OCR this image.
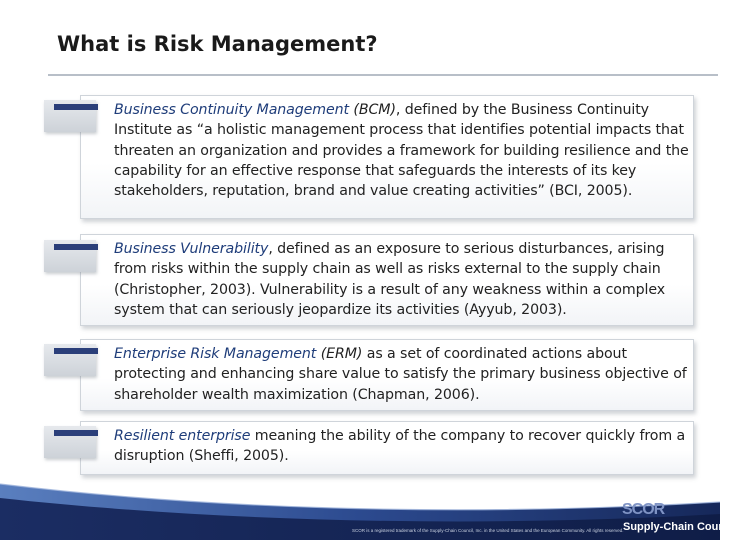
What is Risk Management?
Business Continuity Management (BCM), defined by the Business Continuity Institute as “a holistic management process that identifies potential impacts that threaten an organization and provides a framework for building resilience and the capability for an effective response that safeguards the interests of its key stakeholders, reputation, brand and value creating activities” (BCI, 2005).
Business Vulnerability, defined as an exposure to serious disturbances, arising from risks within the supply chain as well as risks external to the supply chain (Christopher, 2003). Vulnerability is a result of any weakness within a complex system that can seriously jeopardize its activities (Ayyub, 2003).
Enterprise Risk Management (ERM) as a set of coordinated actions about protecting and enhancing share value to satisfy the primary business objective of shareholder wealth maximization (Chapman, 2006).
Resilient enterprise meaning the ability of the company to recover quickly from a disruption (Sheffi, 2005).
SCOR is a registered trademark of the Supply-Chain Council, Inc. in the United States and the European Community. All rights reserved.
SCOR
Supply-Chain Council
